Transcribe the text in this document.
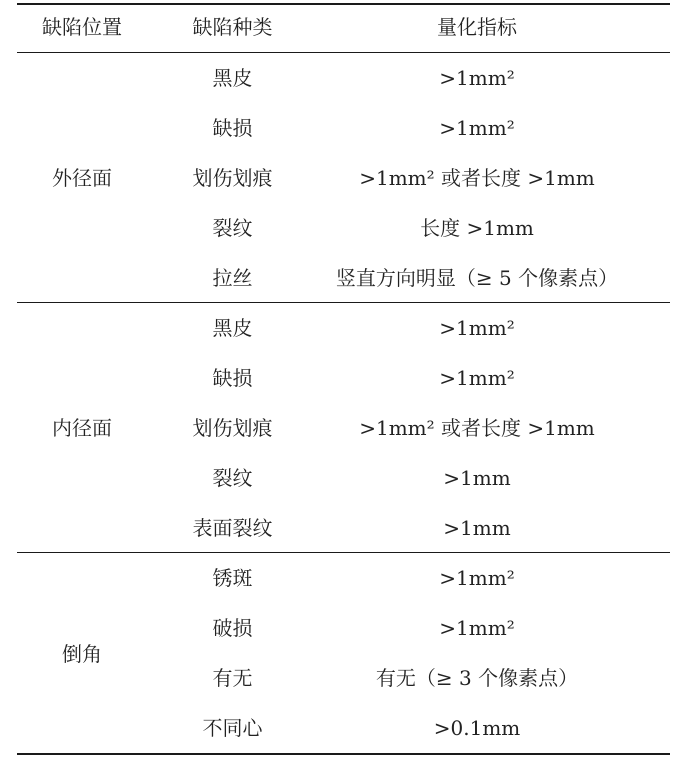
缺陷位置	缺陷种类	量化指标
外径面
黑皮	>1mm²
缺损	>1mm²
划伤划痕	>1mm² 或者长度 >1mm
裂纹	长度 >1mm
拉丝	竖直方向明显（≥ 5 个像素点）
内径面
黑皮	>1mm²
缺损	>1mm²
划伤划痕	>1mm² 或者长度 >1mm
裂纹	>1mm
表面裂纹	>1mm
倒角
锈斑	>1mm²
破损	>1mm²
有无	有无（≥ 3 个像素点）
不同心	>0.1mm
